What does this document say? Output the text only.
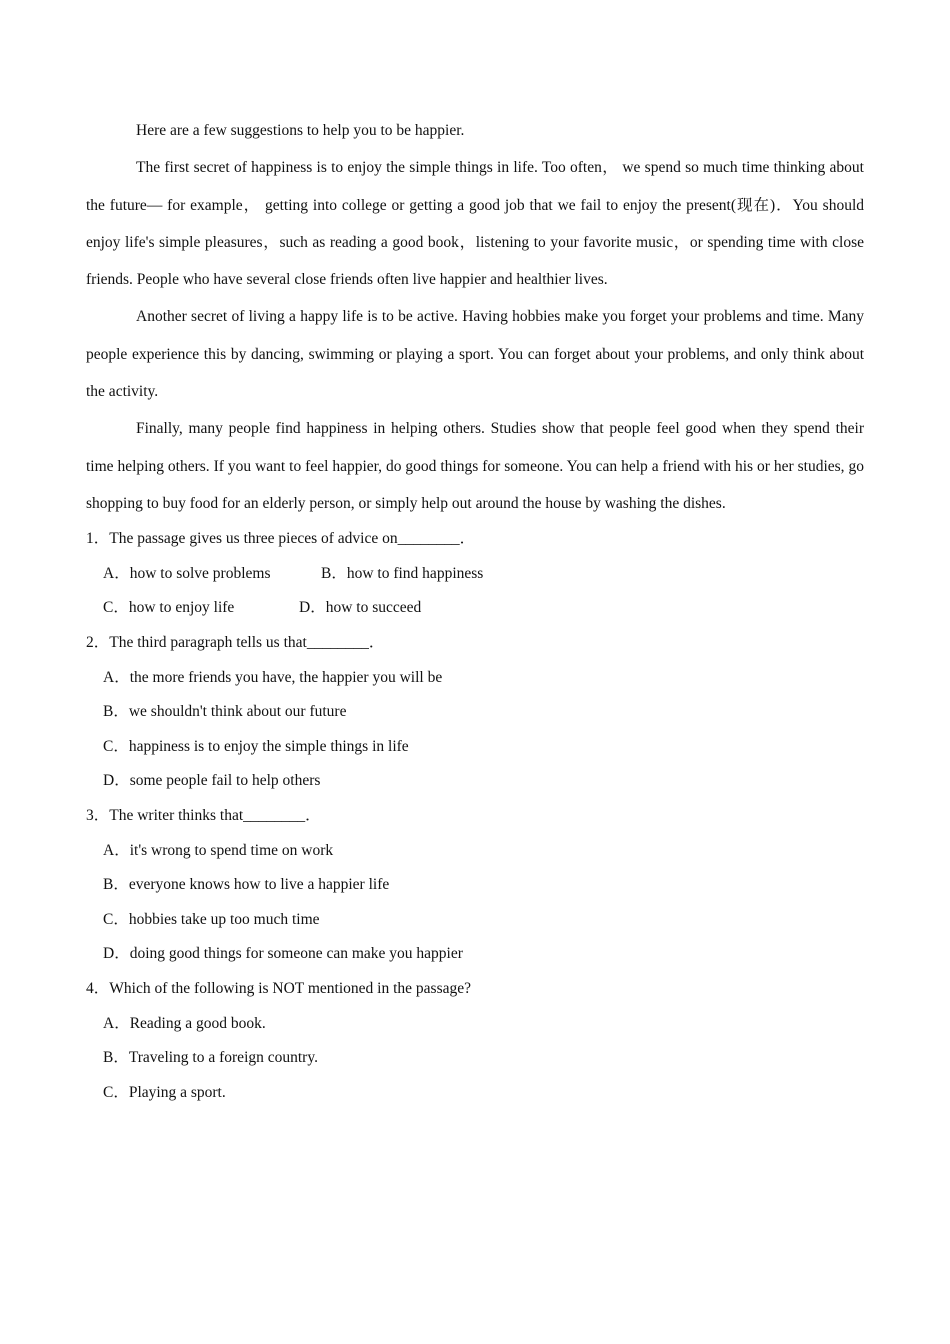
Here are a few suggestions to help you to be happier.

The first secret of happiness is to enjoy the simple things in life. Too often， we spend so much time thinking about the future— for example， getting into college or getting a good job that we fail to enjoy the present(现在)．You should enjoy life's simple pleasures，such as reading a good book，listening to your favorite music，or spending time with close friends. People who have several close friends often live happier and healthier lives.

Another secret of living a happy life is to be active. Having hobbies make you forget your problems and time. Many people experience this by dancing, swimming or playing a sport. You can forget about your problems, and only think about the activity.

Finally, many people find happiness in helping others. Studies show that people feel good when they spend their time helping others. If you want to feel happier, do good things for someone. You can help a friend with his or her studies, go shopping to buy food for an elderly person, or simply help out around the house by washing the dishes.

1．The passage gives us three pieces of advice on________．
A．how to solve problems	B．how to find happiness
C．how to enjoy life	D．how to succeed
2．The third paragraph tells us that________．
A．the more friends you have, the happier you will be
B．we shouldn't think about our future
C．happiness is to enjoy the simple things in life
D．some people fail to help others
3．The writer thinks that________．
A．it's wrong to spend time on work
B．everyone knows how to live a happier life
C．hobbies take up too much time
D．doing good things for someone can make you happier
4．Which of the following is NOT mentioned in the passage?
A．Reading a good book.
B．Traveling to a foreign country.
C．Playing a sport.
